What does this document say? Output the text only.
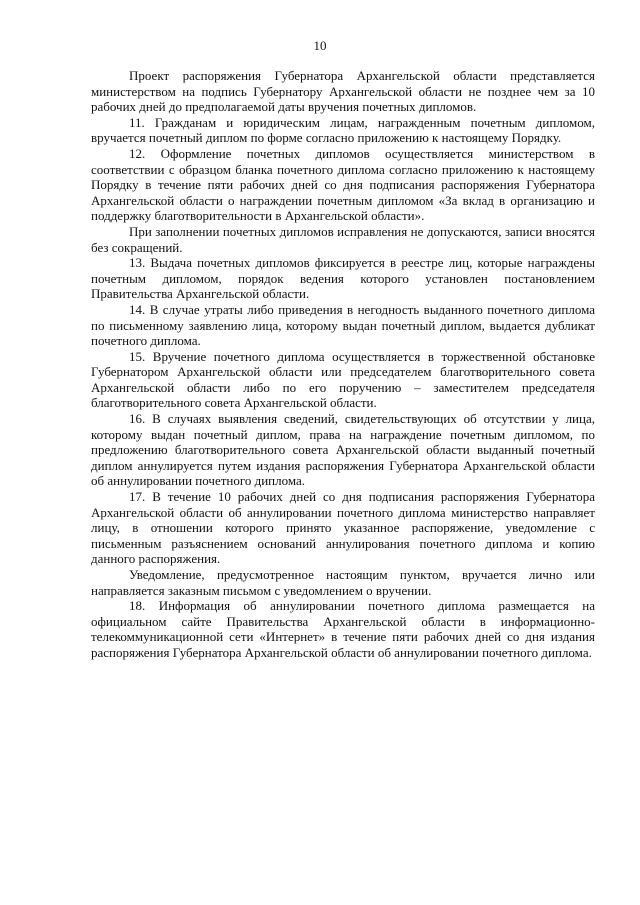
10

Проект распоряжения Губернатора Архангельской области представляется министерством на подпись Губернатору Архангельской области не позднее чем за 10 рабочих дней до предполагаемой даты вручения почетных дипломов.

11. Гражданам и юридическим лицам, награжденным почетным дипломом, вручается почетный диплом по форме согласно приложению к настоящему Порядку.

12. Оформление почетных дипломов осуществляется министерством в соответствии с образцом бланка почетного диплома согласно приложению к настоящему Порядку в течение пяти рабочих дней со дня подписания распоряжения Губернатора Архангельской области о награждении почетным дипломом «За вклад в организацию и поддержку благотворительности в Архангельской области».

При заполнении почетных дипломов исправления не допускаются, записи вносятся без сокращений.

13. Выдача почетных дипломов фиксируется в реестре лиц, которые награждены почетным дипломом, порядок ведения которого установлен постановлением Правительства Архангельской области.

14. В случае утраты либо приведения в негодность выданного почетного диплома по письменному заявлению лица, которому выдан почетный диплом, выдается дубликат почетного диплома.

15. Вручение почетного диплома осуществляется в торжественной обстановке Губернатором Архангельской области или председателем благотворительного совета Архангельской области либо по его поручению – заместителем председателя благотворительного совета Архангельской области.

16. В случаях выявления сведений, свидетельствующих об отсутствии у лица, которому выдан почетный диплом, права на награждение почетным дипломом, по предложению благотворительного совета Архангельской области выданный почетный диплом аннулируется путем издания распоряжения Губернатора Архангельской области об аннулировании почетного диплома.

17. В течение 10 рабочих дней со дня подписания распоряжения Губернатора Архангельской области об аннулировании почетного диплома министерство направляет лицу, в отношении которого принято указанное распоряжение, уведомление с письменным разъяснением оснований аннулирования почетного диплома и копию данного распоряжения.

Уведомление, предусмотренное настоящим пунктом, вручается лично или направляется заказным письмом с уведомлением о вручении.

18. Информация об аннулировании почетного диплома размещается на официальном сайте Правительства Архангельской области в информационно-телекоммуникационной сети «Интернет» в течение пяти рабочих дней со дня издания распоряжения Губернатора Архангельской области об аннулировании почетного диплома.
